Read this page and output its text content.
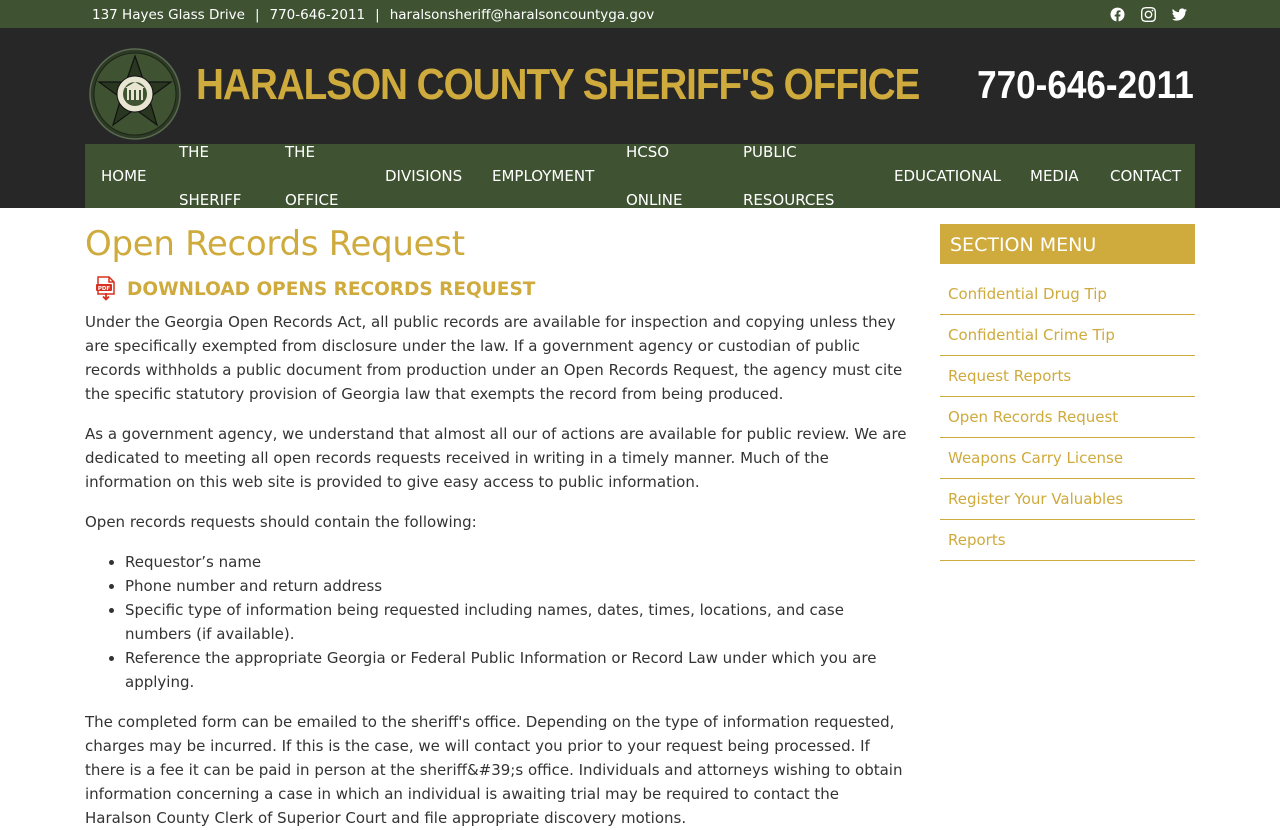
137 Hayes Glass Drive | 770-646-2011 | haralsonsheriff@haralsoncountyga.gov
HARALSON COUNTY SHERIFF'S OFFICE 770-646-2011
HOME
THE

SHERIFF
THE

OFFICE
DIVISIONS EMPLOYMENT
HCSO

ONLINE
PUBLIC

RESOURCES
EDUCATIONAL MEDIA CONTACT
Open Records Request
PDF DOWNLOAD OPENS RECORDS REQUEST

Under the Georgia Open Records Act, all public records are available for inspection and copying unless they are specifically exempted from disclosure under the law. If a government agency or custodian of public records withholds a public document from production under an Open Records Request, the agency must cite the specific statutory provision of Georgia law that exempts the record from being produced.

As a government agency, we understand that almost all our of actions are available for public review. We are dedicated to meeting all open records requests received in writing in a timely manner. Much of the information on this web site is provided to give easy access to public information.

Open records requests should contain the following:

• Requestor’s name
• Phone number and return address
• Specific type of information being requested including names, dates, times, locations, and case numbers (if available).
• Reference the appropriate Georgia or Federal Public Information or Record Law under which you are applying.

The completed form can be emailed to the sheriff's office. Depending on the type of information requested, charges may be incurred. If this is the case, we will contact you prior to your request being processed. If there is a fee it can be paid in person at the sheriff&#39;s office. Individuals and attorneys wishing to obtain information concerning a case in which an individual is awaiting trial may be required to contact the Haralson County Clerk of Superior Court and file appropriate discovery motions.

SECTION MENU
Confidential Drug Tip
Confidential Crime Tip
Request Reports
Open Records Request
Weapons Carry License
Register Your Valuables
Reports
